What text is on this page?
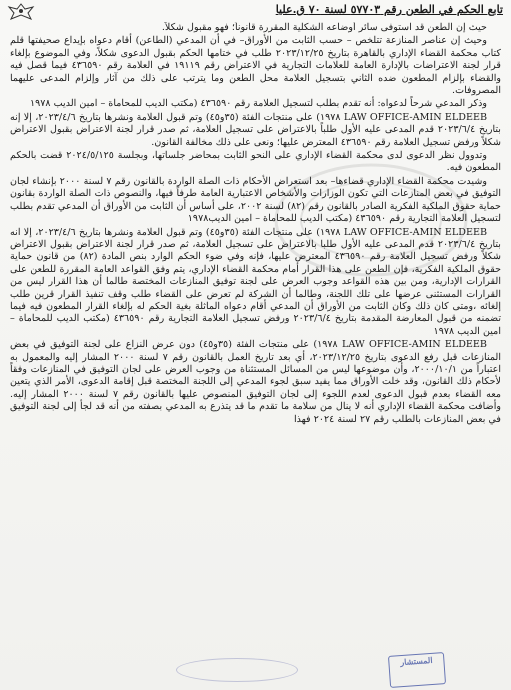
تابع الحكم في الطعن رقم ٥٧٧٠٣ لسنة ٧٠ ق.عليا

حيث إن الطعن قد استوفى سائر أوضاعه الشكلية المقررة قانوناً؛ فهو مقبول شكلاً.

وحيث إن عناصر المنازعة تتلخص – حسب الثابت من الأوراق– في أن المدعي (الطاعن) أقام دعواه بإيداع صحيفتها قلم كتاب محكمة القضاء الإداري بالقاهرة بتاريخ ٢٠٢٣/١٢/٢٥ طلب في ختامها الحكم بقبول الدعوى شكلاً، وفي الموضوع بإلغاء قرار لجنة الاعتراضات بالإدارة العامة للعلامات التجارية في الاعتراض رقم ١٩١١٩ في العلامة رقم ٤٣٦٥٩٠ فيما قصل فيه والقضاء بإلزام المطعون ضده الثاني بتسجيل العلامة محل الطعن وما يترتب على ذلك من آثار وإلزام المدعى عليهما المصروفات.

وذكر المدعي شرحاً لدعواه: أنه تقدم بطلب لتسجيل العلامة رقم ٤٣٦٥٩٠ (مكتب الديب للمحاماة – امين الديب ١٩٧٨

LAW OFFICE-AMIN ELDEEB ١٩٧٨) على منتجات الفئة (٣٥و٤٥) وتم قبول العلامة ونشرها بتاريخ ٢٠٢٣/٤/٦، إلا إنه بتاريخ ٢٠٢٣/٦/٤ قدم المدعى عليه الأول طلباً بالاعتراض على تسجيل العلامة، ثم صدر قرار لجنة الاعتراض بقبول الاعتراض شكلاً ورفض تسجيل العلامة رقم ٤٣٦٥٩٠ المعترض عليها؛ ونعى على ذلك مخالفة القانون.

وتدوول نظر الدعوى لدى محكمة القضاء الإداري على النحو الثابت بمحاضر جلساتها، وبجلسة ٢٠٢٤/٥/١٢٥ قضت بالحكم المطعون فيه.

وشيدت محكمة القضاء الإداري قضاءها– بعد استعراض الأحكام ذات الصلة الواردة بالقانون رقم ٧ لسنة ٢٠٠٠ بإنشاء لجان التوفيق في بعض المنازعات التي تكون الوزارات والأشخاص الاعتبارية العامة طرفاً فيها، والنصوص ذات الصلة الواردة بقانون حماية حقوق الملكية الفكرية الصادر بالقانون رقم (٨٢) لسنة ٢٠٠٢، على أساس أن الثابت من الأوراق أن المدعي تقدم بطلب لتسجيل العلامة التجارية رقم ٤٣٦٥٩٠ (مكتب الديب للمحاماة – امين الديب١٩٧٨

LAW OFFICE-AMIN ELDEEB ١٩٧٨) على منتجات الفئة (٣٥و٤٥) وتم قبول العلامة ونشرها بتاريخ ٢٠٢٣/٤/٦، إلا انه بتاريخ ٢٠٢٣/٦/٤ قدم المدعى عليه الأول طلبا بالاعتراض على تسجيل العلامة، ثم صدر قرار لجنة الاعتراض بقبول الاعتراض شكلاً ورفض تسجيل العلامة رقم ٤٣٦٥٩٠ المعترض عليها، فإنه وفي ضوء الحكم الوارد بنص المادة (٨٢) من قانون حماية حقوق الملكية الفكرية، فإن الطعن على هذا القرار أمام محكمة القضاء الإداري، يتم وفق القواعد العامة المقررة للطعن على القرارات الإدارية، ومن بين هذه القواعد وجوب العرض على لجنة توفيق المنازعات المختصة طالما أن هذا القرار ليس من القرارات المستثنى عرضها على تلك اللجنة، وطالما أن الشركة لم تعرض على القضاء طلب وقف تنفيذ القرار قرين طلب إلغائه ،ومتى كان ذلك وكان الثابت من الأوراق أن المدعي أقام دعواه الماثلة بغية الحكم له بإلغاء القرار المطعون فيه فيما تضمنه من قبول المعارضة المقدمة بتاريخ ٢٠٢٣/٦/٤ ورفض تسجيل العلامة التجارية رقم ٤٣٦٥٩٠ (مكتب الديب للمحاماة – امين الديب ١٩٧٨

LAW OFFICE-AMIN ELDEEB ١٩٧٨) على منتجات الفئة (٣٥و٤٥) دون عرض النزاع على لجنة التوفيق في بعض المنازعات قبل رفع الدعوى بتاريخ ٢٠٢٣/١٢/٢٥، أي بعد تاريخ العمل بالقانون رقم ٧ لسنة ٢٠٠٠ المشار إليه والمعمول به اعتباراً من ٢٠٠٠/١٠/١، وأن موضوعها ليس من المسائل المستثناة من وجوب العرض على لجان التوفيق في المنازعات وفقاً لأحكام ذلك القانون، وقد خلت الأوراق مما يفيد سبق لجوء المدعي إلى اللجنة المختصة قبل إقامة الدعوى، الأمر الذي يتعين معه القضاء بعدم قبول الدعوى لعدم اللجوء إلى لجان التوفيق المنصوص عليها بالقانون رقم ٧ لسنة ٢٠٠٠ المشار إليه. وأضافت محكمة القضاء الإداري أنه لا ينال من سلامة ما تقدم ما قد يتذرع به المدعي بصفته من أنه قد لجأ إلى لجنة التوفيق في بعض المنازعات بالطلب رقم ٢٧ لسنة ٢٠٢٤ فهذا

المستشار
